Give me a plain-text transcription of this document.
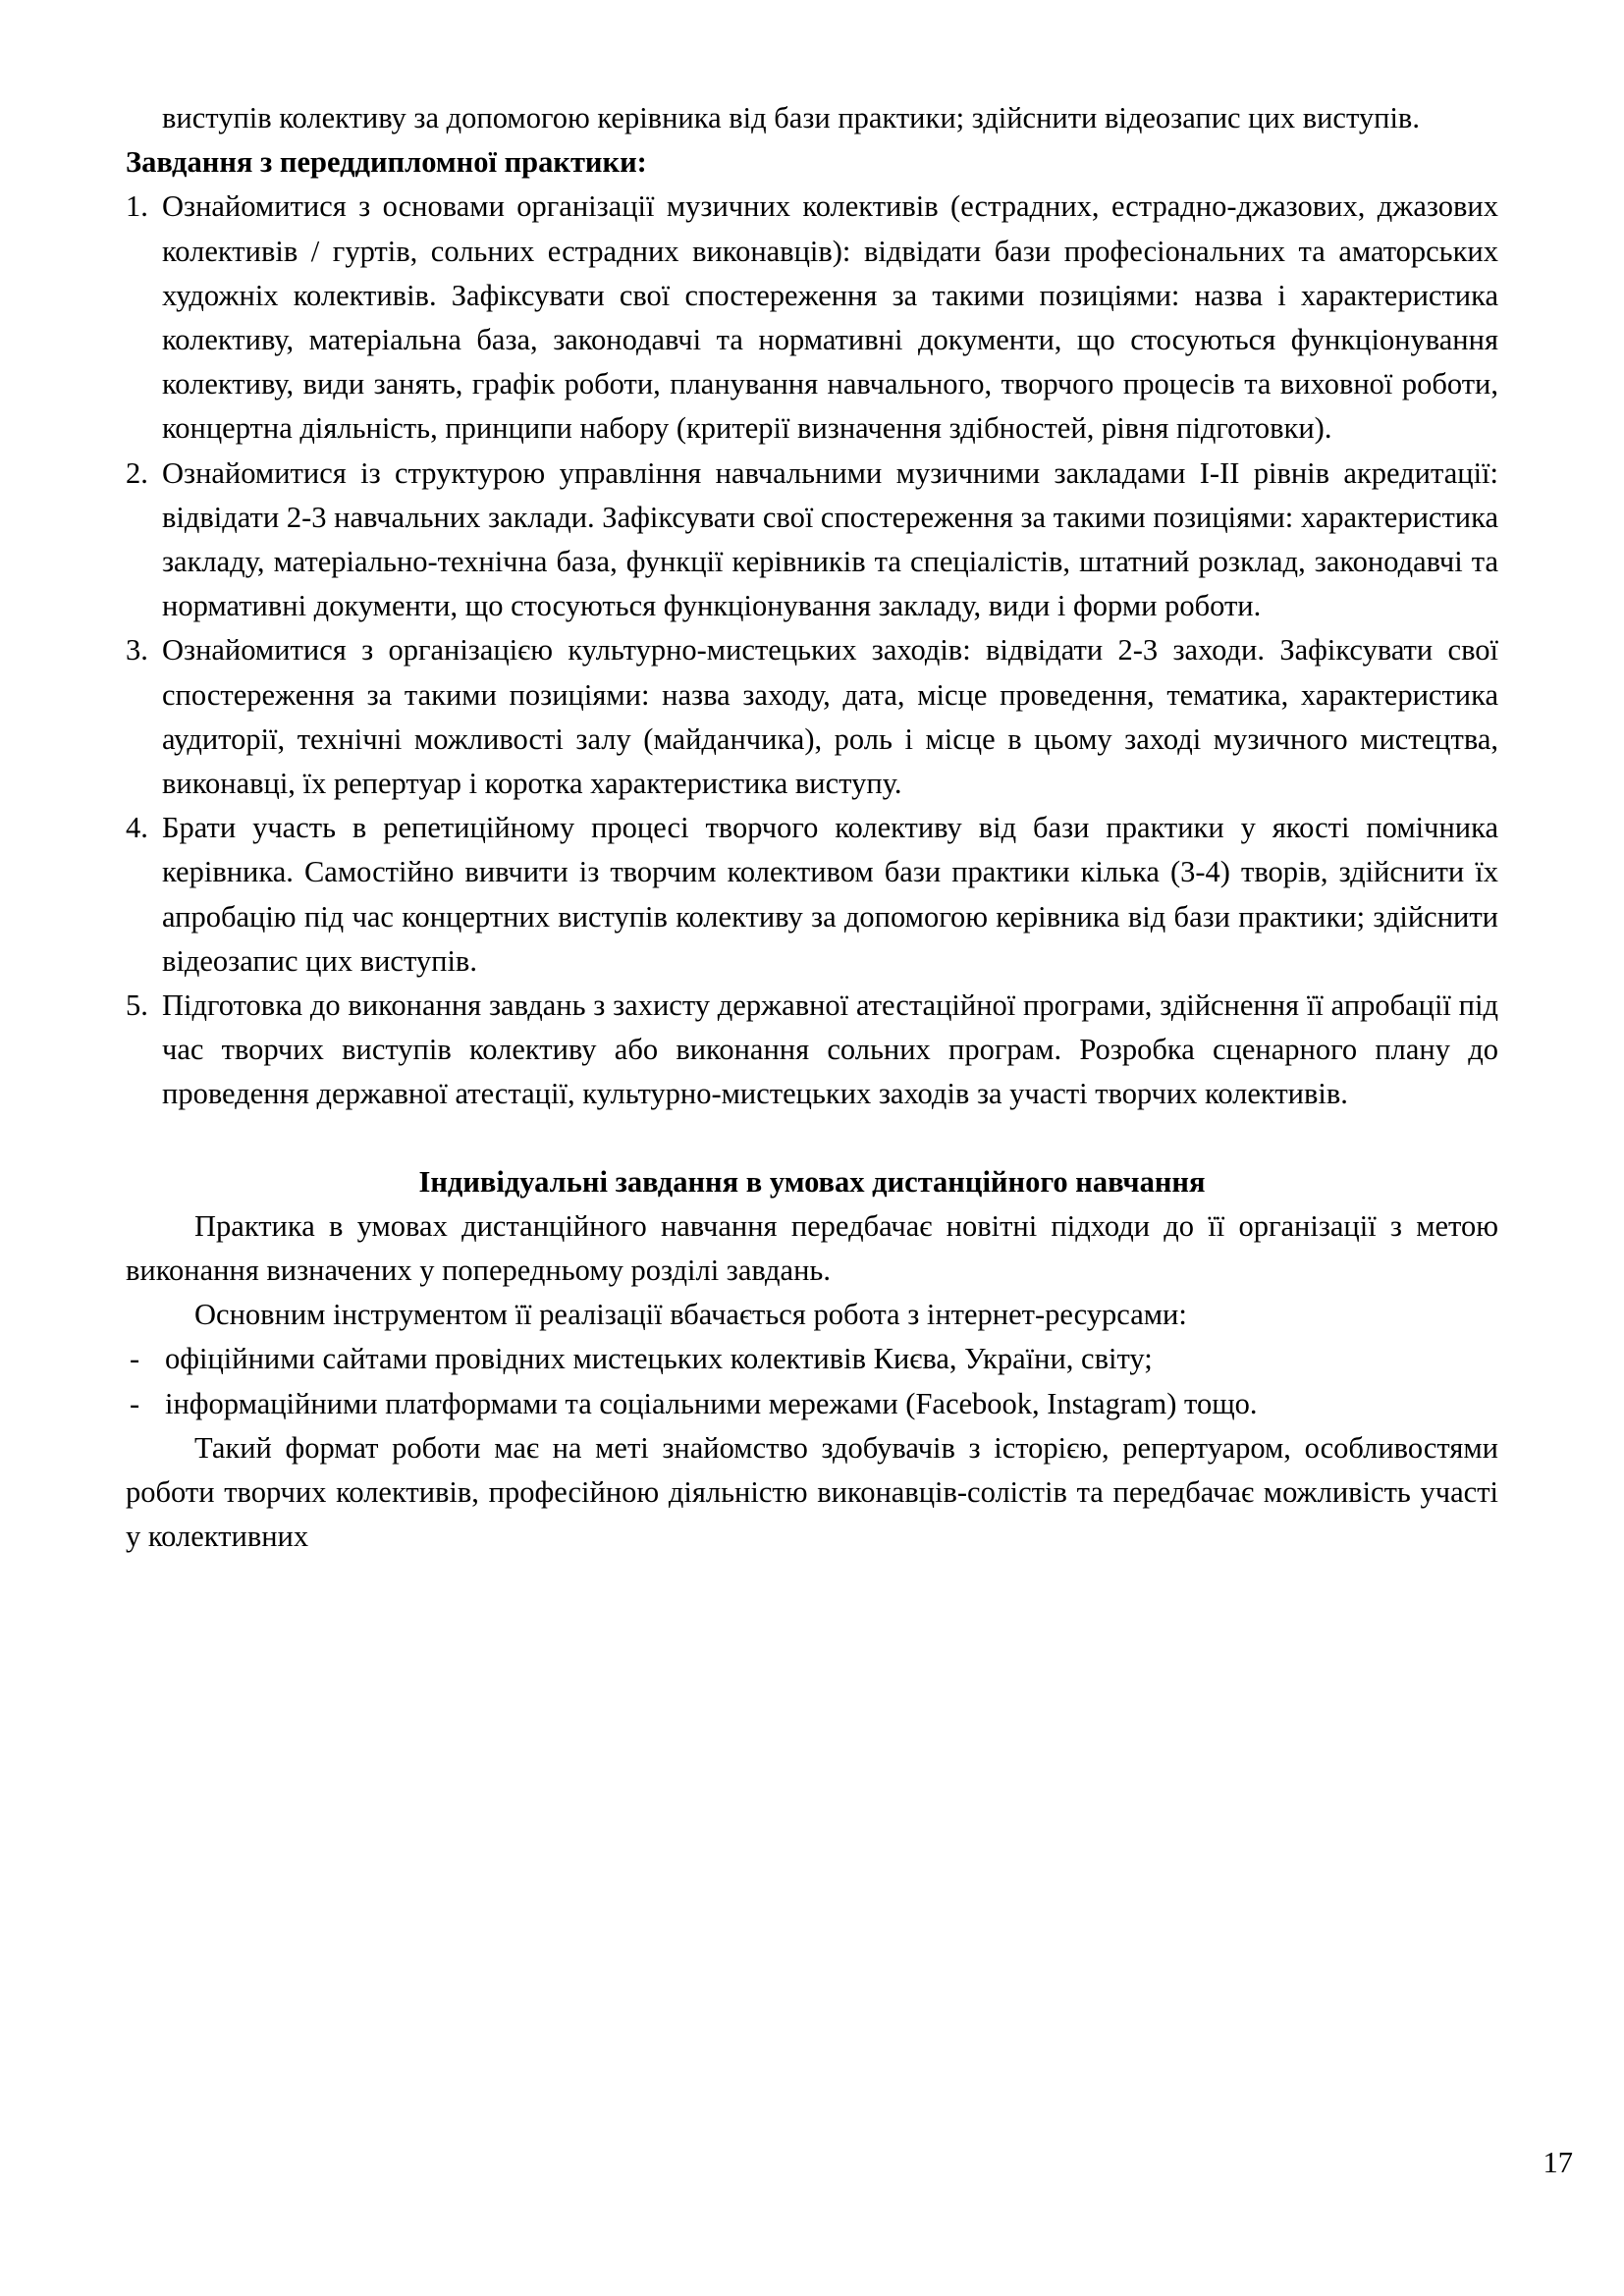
виступів колективу за допомогою керівника від бази практики; здійснити відеозапис цих виступів.

Завдання з переддипломної практики:

Ознайомитися з основами організації музичних колективів (естрадних, естрадно-джазових, джазових колективів / гуртів, сольних естрадних виконавців): відвідати бази професіональних та аматорських художніх колективів. Зафіксувати свої спостереження за такими позиціями: назва і характеристика колективу, матеріальна база, законодавчі та нормативні документи, що стосуються функціонування колективу, види занять, графік роботи, планування навчального, творчого процесів та виховної роботи, концертна діяльність, принципи набору (критерії визначення здібностей, рівня підготовки).
Ознайомитися із структурою управління навчальними музичними закладами I-II рівнів акредитації: відвідати 2-3 навчальних заклади. Зафіксувати свої спостереження за такими позиціями: характеристика закладу, матеріально-технічна база, функції керівників та спеціалістів, штатний розклад, законодавчі та нормативні документи, що стосуються функціонування закладу, види і форми роботи.
Ознайомитися з організацією культурно-мистецьких заходів: відвідати 2-3 заходи. Зафіксувати свої спостереження за такими позиціями: назва заходу, дата, місце проведення, тематика, характеристика аудиторії, технічні можливості залу (майданчика), роль і місце в цьому заході музичного мистецтва, виконавці, їх репертуар і коротка характеристика виступу.
Брати участь в репетиційному процесі творчого колективу від бази практики у якості помічника керівника. Самостійно вивчити із творчим колективом бази практики кілька (3-4) творів, здійснити їх апробацію під час концертних виступів колективу за допомогою керівника від бази практики; здійснити відеозапис цих виступів.
Підготовка до виконання завдань з захисту державної атестаційної програми, здійснення її апробації під час творчих виступів колективу або виконання сольних програм. Розробка сценарного плану до проведення державної атестації, культурно-мистецьких заходів за участі творчих колективів.

Індивідуальні завдання в умовах дистанційного навчання

Практика в умовах дистанційного навчання передбачає новітні підходи до її організації з метою виконання визначених у попередньому розділі завдань.

Основним інструментом її реалізації вбачається робота з інтернет-ресурсами:

- офіційними сайтами провідних мистецьких колективів Києва, України, світу;
- інформаційними платформами та соціальними мережами (Facebook, Instagram) тощо.

Такий формат роботи має на меті знайомство здобувачів з історією, репертуаром, особливостями роботи творчих колективів, професійною діяльністю виконавців-солістів та передбачає можливість участі у колективних

17
